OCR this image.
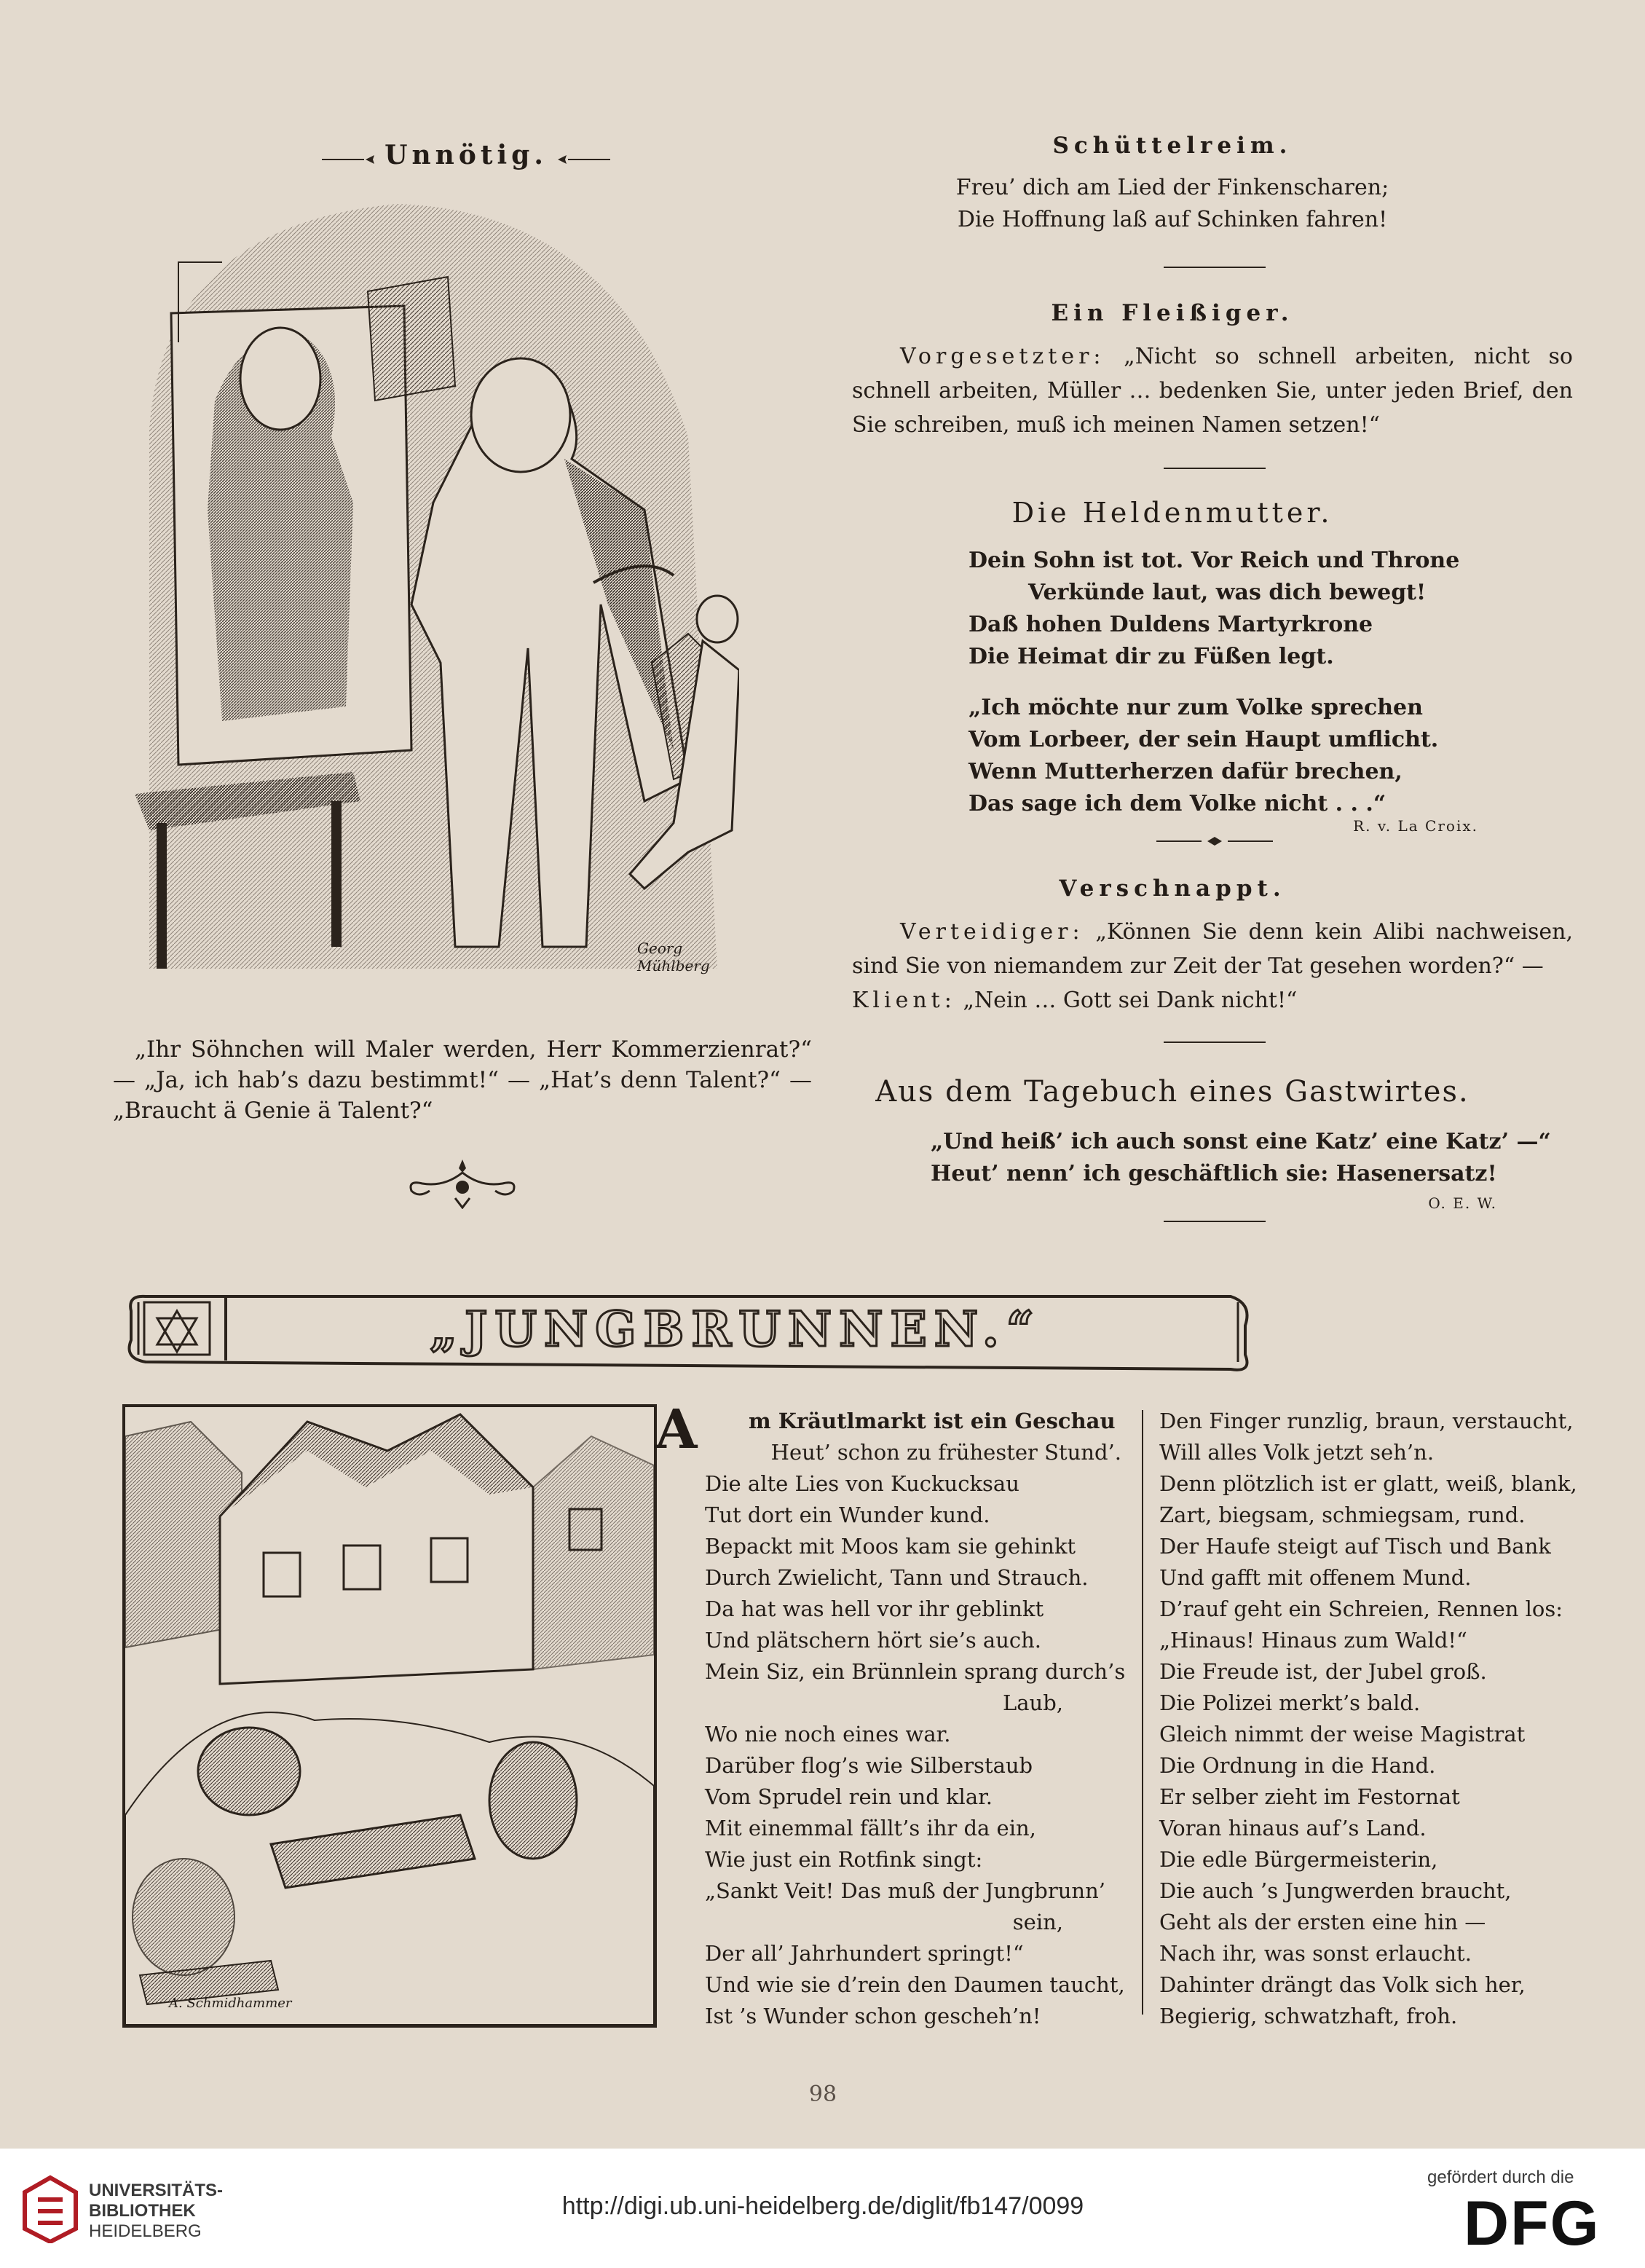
Unnötig.
Georg Mühlberg

„Ihr Söhnchen will Maler werden, Herr Kommerzienrat?“ — „Ja, ich hab’s dazu bestimmt!“ — „Hat’s denn Talent?“ — „Braucht ä Genie ä Talent?“

Schüttelreim.
Freu’ dich am Lied der Finkenscharen;
Die Hoffnung laß auf Schinken fahren!
Ein Fleißiger.

Vorgesetzter: „Nicht so schnell arbeiten, nicht so schnell arbeiten, Müller … bedenken Sie, unter jeden Brief, den Sie schreiben, muß ich meinen Namen setzen!“

Die Heldenmutter.
Dein Sohn ist tot. Vor Reich und Throne
Verkünde laut, was dich bewegt!
Daß hohen Duldens Martyrkrone
Die Heimat dir zu Füßen legt.
„Ich möchte nur zum Volke sprechen
Vom Lorbeer, der sein Haupt umflicht.
Wenn Mutterherzen dafür brechen,
Das sage ich dem Volke nicht . . .“
R. v. La Croix.
Verschnappt.

Verteidiger: „Können Sie denn kein Alibi nachweisen, sind Sie von niemandem zur Zeit der Tat gesehen worden?“ —

Klient: „Nein … Gott sei Dank nicht!“

Aus dem Tagebuch eines Gastwirtes.
„Und heiß’ ich auch sonst eine Katz’ eine Katz’ —“
Heut’ nenn’ ich geschäftlich sie: Hasenersatz!
O. E. W.
„JUNGBRUNNEN.“
A. Schmidhammer
A	m Kräutlmarkt ist ein Geschau
Heut’ schon zu frühester Stund’.
Die alte Lies von Kuckucksau
Tut dort ein Wunder kund.
Bepackt mit Moos kam sie gehinkt
Durch Zwielicht, Tann und Strauch.
Da hat was hell vor ihr geblinkt
Und plätschern hört sie’s auch.
Mein Siz, ein Brünnlein sprang durch’s
Laub,
Wo nie noch eines war.
Darüber flog’s wie Silberstaub
Vom Sprudel rein und klar.
Mit einemmal fällt’s ihr da ein,
Wie just ein Rotfink singt:
„Sankt Veit! Das muß der Jungbrunn’
sein,
Der all’ Jahrhundert springt!“
Und wie sie d’rein den Daumen taucht,
Ist ’s Wunder schon gescheh’n!
Den Finger runzlig, braun, verstaucht,
Will alles Volk jetzt seh’n.
Denn plötzlich ist er glatt, weiß, blank,
Zart, biegsam, schmiegsam, rund.
Der Haufe steigt auf Tisch und Bank
Und gafft mit offenem Mund.
D’rauf geht ein Schreien, Rennen los:
„Hinaus! Hinaus zum Wald!“
Die Freude ist, der Jubel groß.
Die Polizei merkt’s bald.
Gleich nimmt der weise Magistrat
Die Ordnung in die Hand.
Er selber zieht im Festornat
Voran hinaus auf’s Land.
Die edle Bürgermeisterin,
Die auch ’s Jungwerden braucht,
Geht als der ersten eine hin —
Nach ihr, was sonst erlaucht.
Dahinter drängt das Volk sich her,
Begierig, schwatzhaft, froh.
98
UNIVERSITÄTS-
BIBLIOTHEK
HEIDELBERG
http://digi.ub.uni-heidelberg.de/diglit/fb147/0099
gefördert durch die
DFG
